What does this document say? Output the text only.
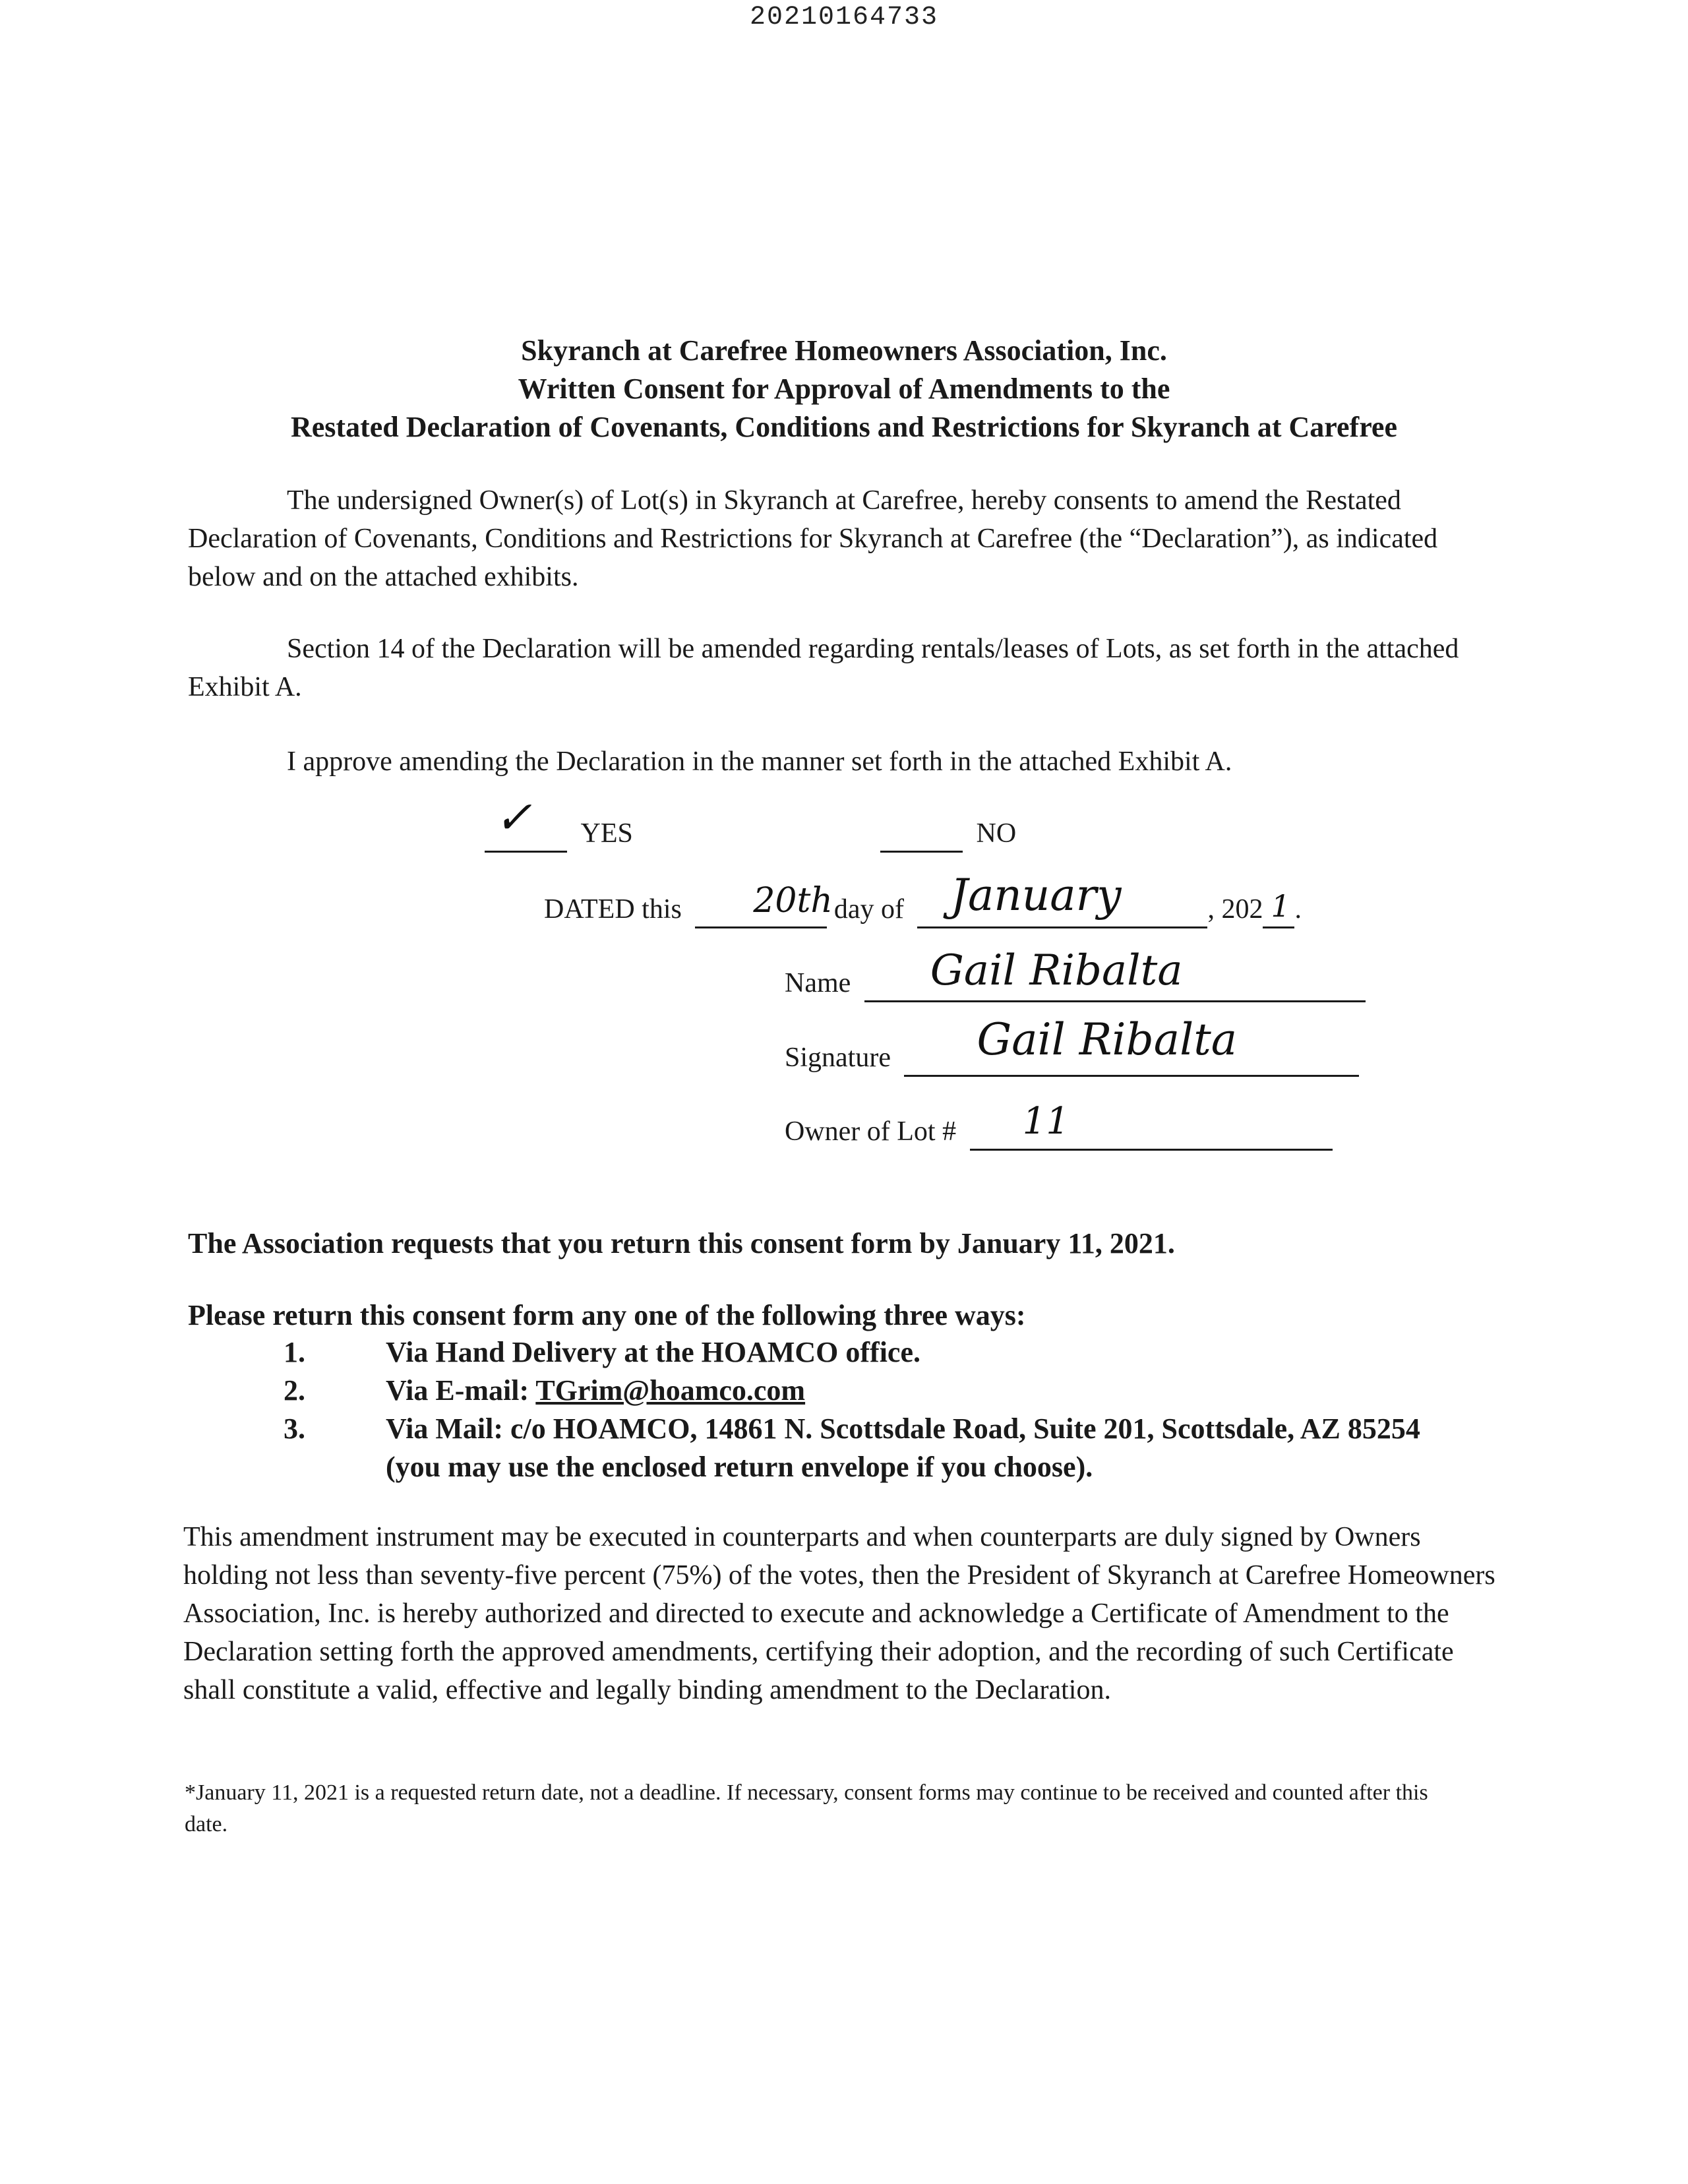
20210164733
Skyranch at Carefree Homeowners Association, Inc.
Written Consent for Approval of Amendments to the
Restated Declaration of Covenants, Conditions and Restrictions for Skyranch at Carefree
The undersigned Owner(s) of Lot(s) in Skyranch at Carefree, hereby consents to amend the Restated Declaration of Covenants, Conditions and Restrictions for Skyranch at Carefree (the “Declaration”), as indicated below and on the attached exhibits.
Section 14 of the Declaration will be amended regarding rentals/leases of Lots, as set forth in the attached Exhibit A.
I approve amending the Declaration in the manner set forth in the attached Exhibit A.
✓ YES	NO
DATED this 20th day of January	, 202 1 .
Name Gail Ribalta
Signature Gail Ribalta
Owner of Lot # 11
The Association requests that you return this consent form by January 11, 2021.
Please return this consent form any one of the following three ways:
1.	Via Hand Delivery at the HOAMCO office.
2.	Via E-mail: TGrim@hoamco.com
3.	Via Mail: c/o HOAMCO, 14861 N. Scottsdale Road, Suite 201, Scottsdale, AZ 85254 (you may use the enclosed return envelope if you choose).
This amendment instrument may be executed in counterparts and when counterparts are duly signed by Owners holding not less than seventy-five percent (75%) of the votes, then the President of Skyranch at Carefree Homeowners Association, Inc. is hereby authorized and directed to execute and acknowledge a Certificate of Amendment to the Declaration setting forth the approved amendments, certifying their adoption, and the recording of such Certificate shall constitute a valid, effective and legally binding amendment to the Declaration.
*January 11, 2021 is a requested return date, not a deadline. If necessary, consent forms may continue to be received and counted after this date.
